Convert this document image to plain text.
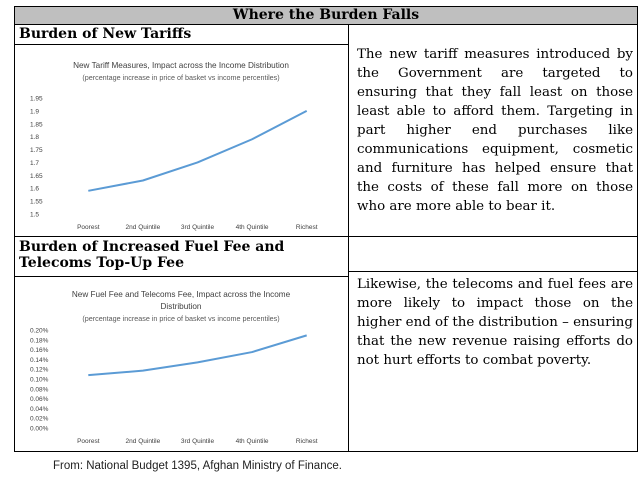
Where the Burden Falls
Burden of New Tariffs
The new tariff measures introduced by the Government are targeted to ensuring that they fall least on those least able to afford them. Targeting in part higher end purchases like communications equipment, cosmetic and furniture has helped ensure that the costs of these fall more on those who are more able to bear it.
New Tariff Measures, Impact across the Income Distribution
(percentage increase in price of basket vs income percentiles)
1.95
1.9
1.85
1.8
1.75
1.7
1.65
1.6
1.55
1.5
Poorest	2nd Quintile	3rd Quintile	4th Quintile	Richest
Burden of Increased Fuel Fee and Telecoms Top-Up Fee
Likewise, the telecoms and fuel fees are more likely to impact those on the higher end of the distribution – ensuring that the new revenue raising efforts do not hurt efforts to combat poverty.
New Fuel Fee and Telecoms Fee, Impact across the Income
Distribution
(percentage increase in price of basket vs income percentiles)
0.20%
0.18%
0.16%
0.14%
0.12%
0.10%
0.08%
0.06%
0.04%
0.02%
0.00%
Poorest	2nd Quintile	3rd Quintile	4th Quintile	Richest
From: National Budget 1395, Afghan Ministry of Finance.
